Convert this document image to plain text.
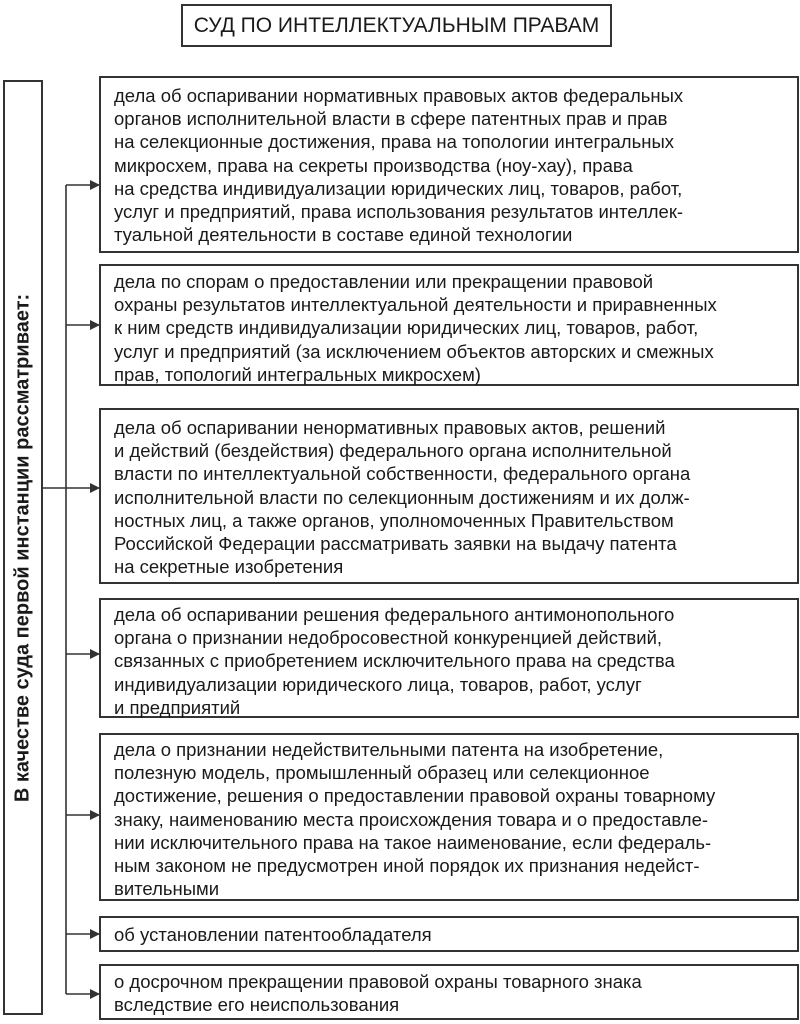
СУД ПО ИНТЕЛЛЕКТУАЛЬНЫМ ПРАВАМ
В качестве суда первой инстанции рассматривает:

дела об оспаривании нормативных правовых актов федеральных

органов исполнительной власти в сфере патентных прав и прав

на селекционные достижения, права на топологии интегральных

микросхем, права на секреты производства (ноу-хау), права

на средства индивидуализации юридических лиц, товаров, работ,

услуг и предприятий, права использования результатов интеллек-

туальной деятельности в составе единой технологии

дела по спорам о предоставлении или прекращении правовой

охраны результатов интеллектуальной деятельности и приравненных

к ним средств индивидуализации юридических лиц, товаров, работ,

услуг и предприятий (за исключением объектов авторских и смежных

прав, топологий интегральных микросхем)

дела об оспаривании ненормативных правовых актов, решений

и действий (бездействия) федерального органа исполнительной

власти по интеллектуальной собственности, федерального органа

исполнительной власти по селекционным достижениям и их долж-

ностных лиц, а также органов, уполномоченных Правительством

Российской Федерации рассматривать заявки на выдачу патента

на секретные изобретения

дела об оспаривании решения федерального антимонопольного

органа о признании недобросовестной конкуренцией действий,

связанных с приобретением исключительного права на средства

индивидуализации юридического лица, товаров, работ, услуг

и предприятий

дела о признании недействительными патента на изобретение,

полезную модель, промышленный образец или селекционное

достижение, решения о предоставлении правовой охраны товарному

знаку, наименованию места происхождения товара и о предоставле-

нии исключительного права на такое наименование, если федераль-

ным законом не предусмотрен иной порядок их признания недейст-

вительными

об установлении патентообладателя

о досрочном прекращении правовой охраны товарного знака

вследствие его неиспользования
